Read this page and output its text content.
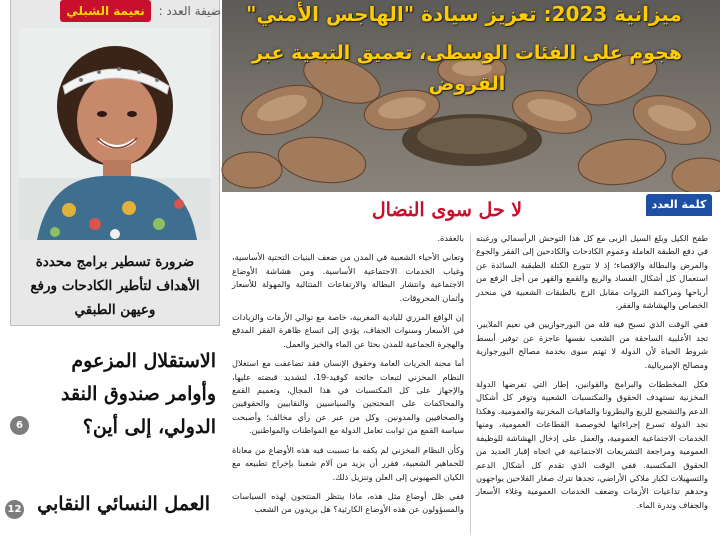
ضيفة العدد : نعيمة الشبلي
ضرورة تسطير برامج محددة الأهداف لتأطير الكادحات ورفع وعيهن الطبقي
الاستقلال المزعوم وأوامر صندوق النقد الدولي، إلى أين؟
6
العمل النسائي النقابي
12
ميزانية 2023: تعزيز سيادة "الهاجس الأمني"
هجوم على الفئات الوسطى، تعميق التبعية عبر القروض
كلمة العدد
لا حل سوى النضال

طفح الكيل وبلغ السيل الزبى مع كل هذا التوحش الرأسمالي ورغبته في دفع الطبقة العاملة وعموم الكادحات والكادحين إلى الفقر والجوع والمرض والبطالة والإقصاء؛ إذ لا تتورع الكتلة الطبقية السائدة عن استعمال كل أشكال الفساد والريع والقمع والقهر من أجل الرفع من أرباحها ومراكمة الثروات مقابل الزج بالطبقات الشعبية في منحدر الخصاص والهشاشة والفقر.

ففي الوقت الذي تسبح فيه قلة من البورجوازيين في نعيم الملايير، تجد الأغلبية الساحقة من الشعب نفسها عاجزة عن توفير أبسط شروط الحياة لأن الدولة لا تهتم سوى بخدمة مصالح البورجوازية ومصالح الإمبريالية.

فكل المخططات والبرامج والقوانين، إطار التي تفرضها الدولة المخزنية تستهدف الحقوق والمكتسبات الشعبية وتوفر كل أشكال الدعم والتشجيع للريع والبطرونا والمافيات المخزنية والعمومية. وهكذا نجد الدولة تسرع إجراءاتها لخوصصة القطاعات العمومية، ومنها الخدمات الاجتماعية العمومية، والعمل على إدخال الهشاشة للوظيفة العمومية ومراجعة التشريعات الاجتماعية في اتجاه إقبار العديد من الحقوق المكتسبة. ففي الوقت الذي تقدم كل أشكال الدعم والتسهيلات لكبار ملاكي الأراضي، تجدها تترك صغار الفلاحين يواجهون وحدهم تداعيات الأزمات وضعف الخدمات العمومية وغلاء الأسعار والجفاف وندرة الماء.

بالعقدة.

وتعاني الأحياء الشعبية في المدن من ضعف البنيات التحتية الأساسية، وغياب الخدمات الاجتماعية الأساسية. ومن هشاشة الأوضاع الاجتماعية وانتشار البطالة والارتفاعات المتتالية والمهولة للأسعار وأثمان المحروقات.

إن الواقع المزري للبادية المغربية، خاصة مع توالي الأزمات والزيادات في الأسعار وسنوات الجفاف، يؤدي إلى اتساع ظاهرة الفقر المدقع والهجرة الجماعية للمدن بحثا عن الماء والخبز والعمل.

أما محنة الحريات العامة وحقوق الإنسان فقد تضاعفت مع استغلال النظام المخزني لتبعات جائحة كوفيد-19، لتشديد قبضته عليها، والإجهاز على كل المكتسبات في هذا المجال، وتعميم القمع والمحاكمات على المحتجين والسياسيين والنقابيين والحقوقيين والصحافيين والمدونين. وكل من عبر عن رأي مخالف؛ وأصبحت سياسة القمع من ثوابت تعامل الدولة مع المواطنات والمواطنين.

وكأن النظام المخزني لم يكفه ما تسببت فيه هذه الأوضاع من معاناة للجماهير الشعبية، فقرر أن يزيد من آلام شعبنا بإخراج تطبيعه مع الكيان الصهيوني إلى العلن وتنزيل ذلك.

ففي ظل أوضاع مثل هذه، ماذا ينتظر المنتجون لهذه السياسات والمسؤولون عن هذه الأوضاع الكارثية؟ هل يريدون من الشعب
